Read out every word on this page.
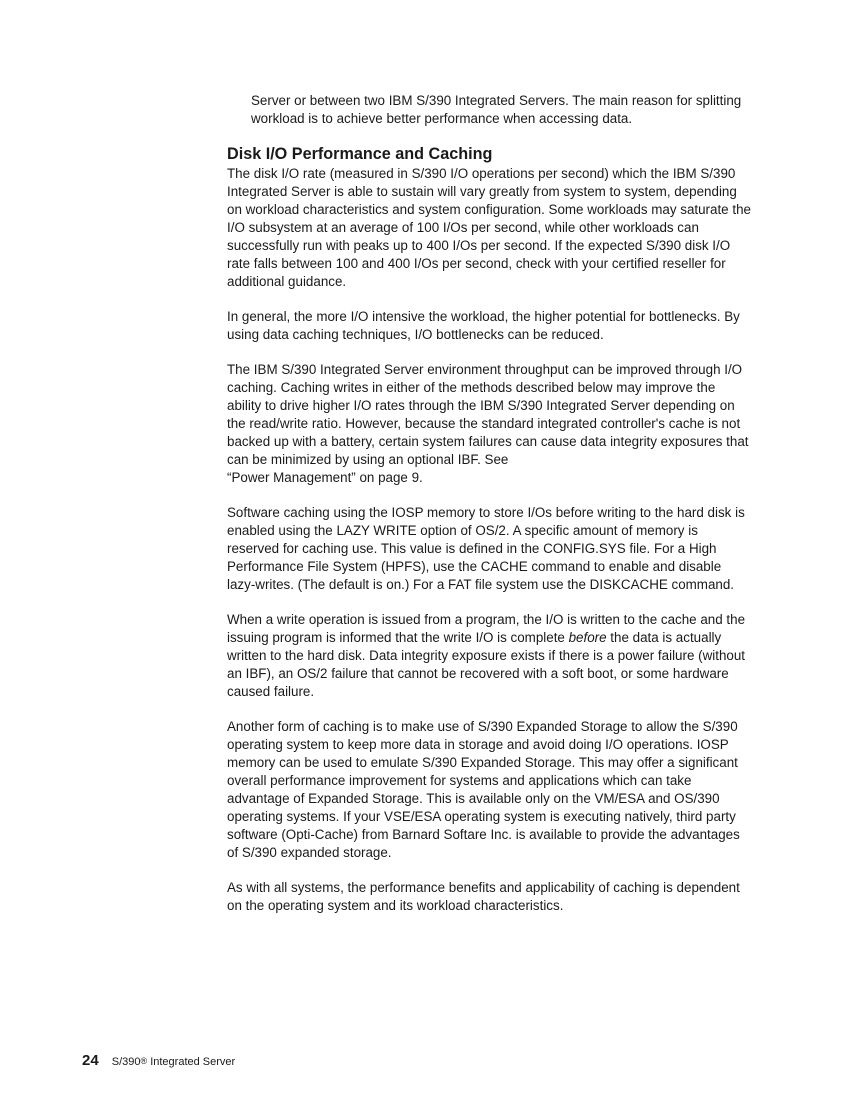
Server or between two IBM S/390 Integrated Servers. The main reason for splitting workload is to achieve better performance when accessing data.

Disk I/O Performance and Caching

The disk I/O rate (measured in S/390 I/O operations per second) which the IBM S/390 Integrated Server is able to sustain will vary greatly from system to system, depending on workload characteristics and system configuration. Some workloads may saturate the I/O subsystem at an average of 100 I/Os per second, while other workloads can successfully run with peaks up to 400 I/Os per second. If the expected S/390 disk I/O rate falls between 100 and 400 I/Os per second, check with your certified reseller for additional guidance.

In general, the more I/O intensive the workload, the higher potential for bottlenecks. By using data caching techniques, I/O bottlenecks can be reduced.

The IBM S/390 Integrated Server environment throughput can be improved through I/O caching. Caching writes in either of the methods described below may improve the ability to drive higher I/O rates through the IBM S/390 Integrated Server depending on the read/write ratio. However, because the standard integrated controller's cache is not backed up with a battery, certain system failures can cause data integrity exposures that can be minimized by using an optional IBF. See
“Power Management” on page 9.

Software caching using the IOSP memory to store I/Os before writing to the hard disk is enabled using the LAZY WRITE option of OS/2. A specific amount of memory is reserved for caching use. This value is defined in the CONFIG.SYS file. For a High Performance File System (HPFS), use the CACHE command to enable and disable lazy-writes. (The default is on.) For a FAT file system use the DISKCACHE command.

When a write operation is issued from a program, the I/O is written to the cache and the issuing program is informed that the write I/O is complete before the data is actually written to the hard disk. Data integrity exposure exists if there is a power failure (without an IBF), an OS/2 failure that cannot be recovered with a soft boot, or some hardware caused failure.

Another form of caching is to make use of S/390 Expanded Storage to allow the S/390 operating system to keep more data in storage and avoid doing I/O operations. IOSP memory can be used to emulate S/390 Expanded Storage. This may offer a significant overall performance improvement for systems and applications which can take advantage of Expanded Storage. This is available only on the VM/ESA and OS/390 operating systems. If your VSE/ESA operating system is executing natively, third party software (Opti-Cache) from Barnard Softare Inc. is available to provide the advantages of S/390 expanded storage.

As with all systems, the performance benefits and applicability of caching is dependent on the operating system and its workload characteristics.

24 S/390® Integrated Server
